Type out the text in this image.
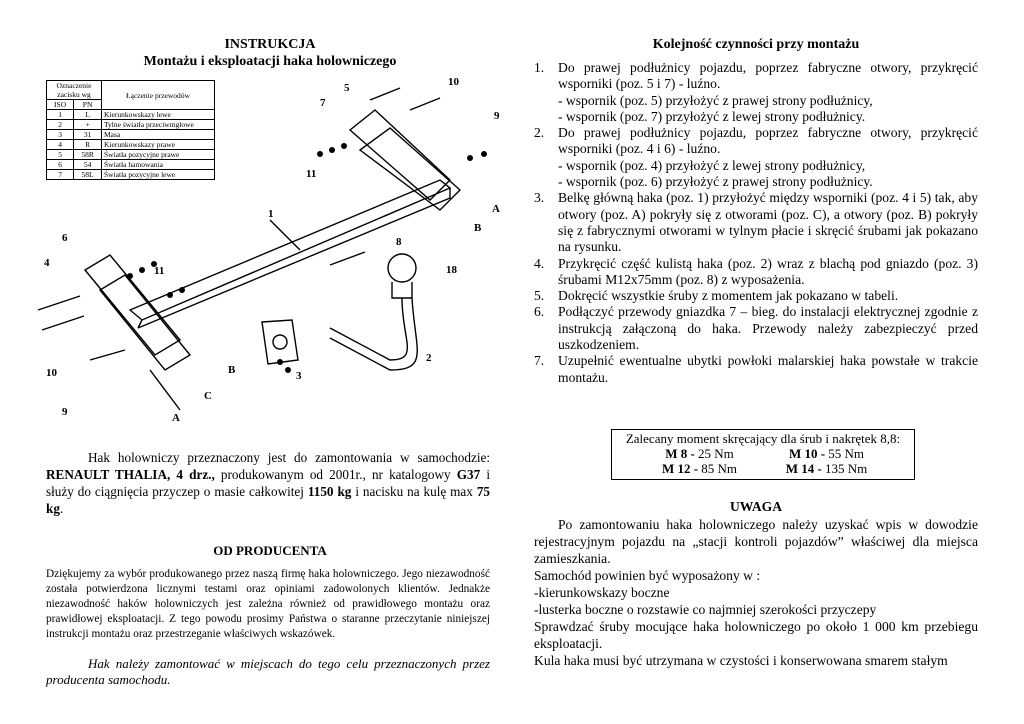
INSTRUKCJA
Montażu i eksploatacji haka holowniczego
Oznaczenie zacisku wg		Łączenie przewodów
ISO	PN	
1	L	Kierunkowskazy lewe
2	+	Tylne światła przeciwmgłowe
3	31	Masa
4	R	Kierunkowskazy prawe
5	58R	Światła pozycyjne prawe
6	54	Światła hamowania
7	58L	Światła pozycyjne lewe
5	10
7
9
11
1	A
B
8
6
4
11	18
2
10	B	3
C
9	A
Hak holowniczy przeznaczony jest do zamontowania w samochodzie: RENAULT THALIA, 4 drz., produkowanym od 2001r., nr katalogowy G37 i służy do ciągnięcia przyczep o masie całkowitej 1150 kg i nacisku na kulę max 75 kg.
OD PRODUCENTA
Dziękujemy za wybór produkowanego przez naszą firmę haka holowniczego. Jego niezawodność została potwierdzona licznymi testami oraz opiniami zadowolonych klientów. Jednakże niezawodność haków holowniczych jest zależna również od prawidłowego montażu oraz prawidłowej eksploatacji. Z tego powodu prosimy Państwa o staranne przeczytanie niniejszej instrukcji montażu oraz przestrzeganie właściwych wskazówek.
Hak należy zamontować w miejscach do tego celu przeznaczonych przez producenta samochodu.
Kolejność czynności przy montażu
1.	Do prawej podłużnicy pojazdu, poprzez fabryczne otwory, przykręcić wsporniki (poz. 5 i 7) - luźno.
- wspornik (poz. 5) przyłożyć z prawej strony podłużnicy,
- wspornik (poz. 7) przyłożyć z lewej strony podłużnicy.
2.	Do prawej podłużnicy pojazdu, poprzez fabryczne otwory, przykręcić wsporniki (poz. 4 i 6) - luźno.
- wspornik (poz. 4) przyłożyć z lewej strony podłużnicy,
- wspornik (poz. 6) przyłożyć z prawej strony podłużnicy.
3.	Belkę główną haka (poz. 1) przyłożyć między wsporniki (poz. 4 i 5) tak, aby otwory (poz. A) pokryły się z otworami (poz. C), a otwory (poz. B) pokryły się z fabrycznymi otworami w tylnym płacie i skręcić śrubami jak pokazano na rysunku.
4.	Przykręcić część kulistą haka (poz. 2) wraz z blachą pod gniazdo (poz. 3) śrubami M12x75mm (poz. 8) z wyposażenia.
5.	Dokręcić wszystkie śruby z momentem jak pokazano w tabeli.
6.	Podłączyć przewody gniazdka 7 – bieg. do instalacji elektrycznej zgodnie z instrukcją załączoną do haka. Przewody należy zabezpieczyć przed uszkodzeniem.
7.	Uzupełnić ewentualne ubytki powłoki malarskiej haka powstałe w trakcie montażu.
Zalecany moment skręcający dla śrub i nakrętek 8,8:
M 8 - 25 Nm	M 10 - 55 Nm
M 12 - 85 Nm	M 14 - 135 Nm
UWAGA
Po zamontowaniu haka holowniczego należy uzyskać wpis w dowodzie rejestracyjnym pojazdu na „stacji kontroli pojazdów” właściwej dla miejsca zamieszkania.
Samochód powinien być wyposażony w :
-kierunkowskazy boczne
-lusterka boczne o rozstawie co najmniej szerokości przyczepy
Sprawdzać śruby mocujące haka holowniczego po około 1 000 km przebiegu eksploatacji.
Kula haka musi być utrzymana w czystości i konserwowana smarem stałym
